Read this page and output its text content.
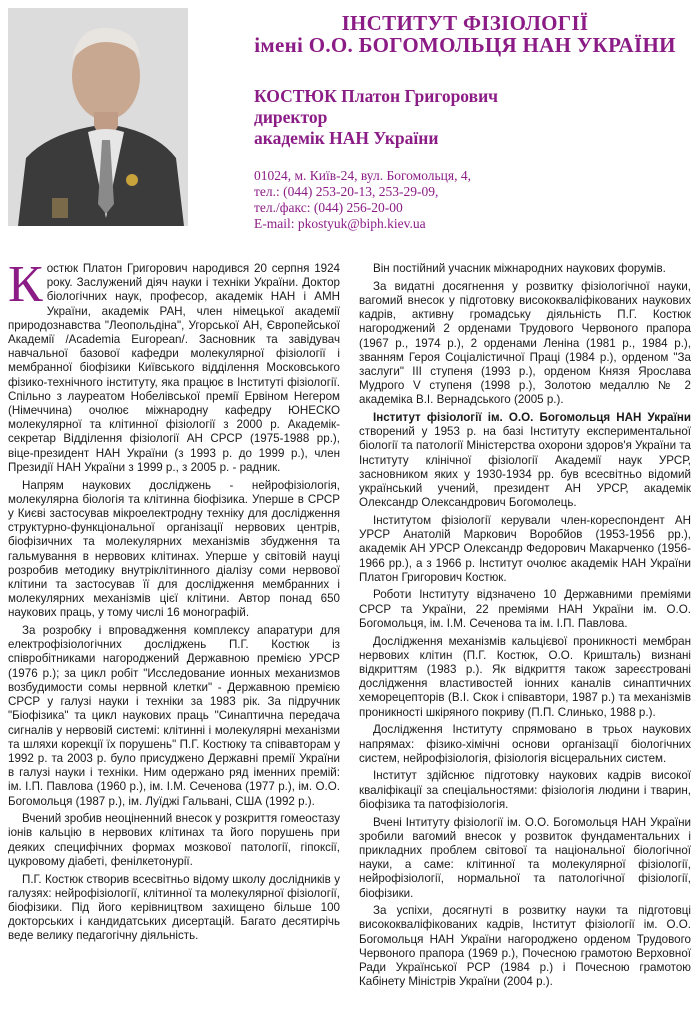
ІНСТИТУТ ФІЗІОЛОГІЇ
імені О.О. БОГОМОЛЬЦЯ НАН УКРАЇНИ
КОСТЮК Платон Григорович
директор
академік НАН України
01024, м. Київ-24, вул. Богомольця, 4,
тел.: (044) 253-20-13, 253-29-09,
тел./факс: (044) 256-20-00
E-mail: pkostyuk@biph.kiev.ua

Костюк Платон Григорович народився 20 серпня 1924 року. Заслужений діяч науки і техніки України. Доктор біологічних наук, професор, академік НАН і АМН України, академік РАН, член німецької академії природознавства "Леопольдіна", Угорської АН, Європейської Академії /Academia European/. Засновник та завідувач навчальної базової кафедри молекулярної фізіології і мембранної біофізики Київського відділення Московського фізико-технічного інституту, яка працює в Інституті фізіології. Спільно з лауреатом Нобелівської премії Ервіном Негером (Німеччина) очолює міжнародну кафедру ЮНЕСКО молекулярної та клітинної фізіології з 2000 р. Академік-секретар Відділення фізіології АН СРСР (1975-1988 рр.), віце-президент НАН України (з 1993 р. до 1999 р.), член Президії НАН України з 1999 р., з 2005 р. - радник.

Напрям наукових досліджень - нейрофізіологія, молекулярна біологія та клітинна біофізика. Уперше в СРСР у Києві застосував мікроелектродну техніку для дослідження структурно-функціональної організації нервових центрів, біофізичних та молекулярних механізмів збудження та гальмування в нервових клітинах. Уперше у світовій науці розробив методику внутріклітинного діалізу соми нервової клітини та застосував її для дослідження мембранних і молекулярних механізмів цієї клітини. Автор понад 650 наукових праць, у тому числі 16 монографій.

За розробку і впровадження комплексу апаратури для електрофізіологічних досліджень П.Г. Костюк із співробітниками нагороджений Державною премією УРСР (1976 р.); за цикл робіт "Исследование ионных механизмов возбудимости сомы нервной клетки" - Державною премією СРСР у галузі науки і техніки за 1983 рік. За підручник "Біофізика" та цикл наукових праць "Синаптична передача сигналів у нервовій системі: клітинні і молекулярні механізми та шляхи корекції їх порушень" П.Г. Костюку та співавторам у 1992 р. та 2003 р. було присуджено Державні премії України в галузі науки і техніки. Ним одержано ряд іменних премій: ім. І.П. Павлова (1960 р.), ім. І.М. Сеченова (1977 р.), ім. О.О. Богомольця (1987 р.), ім. Луїджі Гальвані, США (1992 р.).

Вчений зробив неоціненний внесок у розкриття гомеостазу іонів кальцію в нервових клітинах та його порушень при деяких специфічних формах мозкової патології, гіпоксії, цукровому діабеті, фенілкетонурії.

П.Г. Костюк створив всесвітньо відому школу дослідників у галузях: нейрофізіології, клітинної та молекулярної фізіології, біофізики. Під його керівництвом захищено більше 100 докторських і кандидатських дисертацій. Багато десятирічь веде велику педагогічну діяльність.

Він постійний учасник міжнародних наукових форумів.

За видатні досягнення у розвитку фізіологічної науки, вагомий внесок у підготовку висококваліфікованих наукових кадрів, активну громадську діяльність П.Г. Костюк нагороджений 2 орденами Трудового Червоного прапора (1967 р., 1974 р.), 2 орденами Леніна (1981 р., 1984 р.), званням Героя Соціалістичної Праці (1984 р.), орденом "За заслуги" III ступеня (1993 р.), орденом Князя Ярослава Мудрого V ступеня (1998 р.), Золотою медаллю № 2 академіка В.І. Вернадського (2005 р.).

Інститут фізіології ім. О.О. Богомольця НАН України створений у 1953 р. на базі Інституту експериментальної біології та патології Міністерства охорони здоров'я України та Інституту клінічної фізіології Академії наук УРСР, засновником яких у 1930-1934 рр. був всесвітньо відомий український учений, президент АН УРСР, академік Олександр Олександрович Богомолець.

Інститутом фізіології керували член-кореспондент АН УРСР Анатолій Маркович Воробйов (1953-1956 рр.), академік АН УРСР Олександр Федорович Макарченко (1956-1966 рр.), а з 1966 р. Інститут очолює академік НАН України Платон Григорович Костюк.

Роботи Інституту відзначено 10 Державними преміями СРСР та України, 22 преміями НАН України ім. О.О. Богомольця, ім. І.М. Сеченова та ім. І.П. Павлова.

Дослідження механізмів кальцієвої проникності мембран нервових клітин (П.Г. Костюк, О.О. Кришталь) визнані відкриттям (1983 р.). Як відкриття також зареєстровані дослідження властивостей іонних каналів синаптичних хеморецепторів (В.І. Скок і співавтори, 1987 р.) та механізмів проникності шкіряного покриву (П.П. Слинько, 1988 р.).

Дослідження Інституту спрямовано в трьох наукових напрямах: фізико-хімічні основи організації біологічних систем, нейрофізіологія, фізіологія вісцеральних систем.

Інститут здійснює підготовку наукових кадрів високої кваліфікації за спеціальностями: фізіологія людини і тварин, біофізика та патофізіологія.

Вчені Інтитуту фізіології ім. О.О. Богомольця НАН України зробили вагомий внесок у розвиток фундаментальних і прикладних проблем світової та національної біологічної науки, а саме: клітинної та молекулярної фізіології, нейрофізіології, нормальної та патологічної фізіології, біофізики.

За успіхи, досягнуті в розвитку науки та підготовці висококваліфікованих кадрів, Інститут фізіології ім. О.О. Богомольця НАН України нагороджено орденом Трудового Червоного прапора (1969 р.), Почесною грамотою Верховної Ради Української РСР (1984 р.) і Почесною грамотою Кабінету Міністрів України (2004 р.).
